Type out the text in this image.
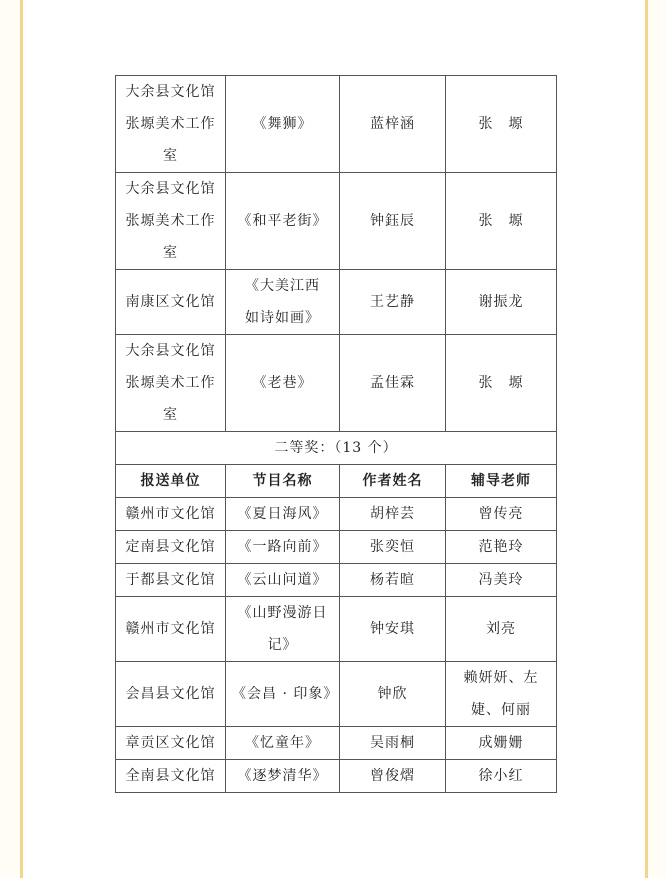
大余县文化馆张塬美术工作室	《舞狮》	蓝梓涵	张　塬
大余县文化馆张塬美术工作室	《和平老街》	钟鈺辰	张　塬
南康区文化馆	《大美江西　如诗如画》	王艺静	谢振龙
大余县文化馆张塬美术工作室	《老巷》	孟佳霖	张　塬
二等奖：（13 个）			
报送单位	节目名称	作者姓名	辅导老师
赣州市文化馆	《夏日海风》	胡梓芸	曾传亮
定南县文化馆	《一路向前》	张奕恒	范艳玲
于都县文化馆	《云山问道》	杨若暄	冯美玲
赣州市文化馆	《山野漫游日记》	钟安琪	刘亮
会昌县文化馆	《会昌 · 印象》	钟欣	赖妍妍、左婕、何丽
章贡区文化馆	《忆童年》	吴雨桐	成姗姗
全南县文化馆	《逐梦清华》	曾俊熠	徐小红
